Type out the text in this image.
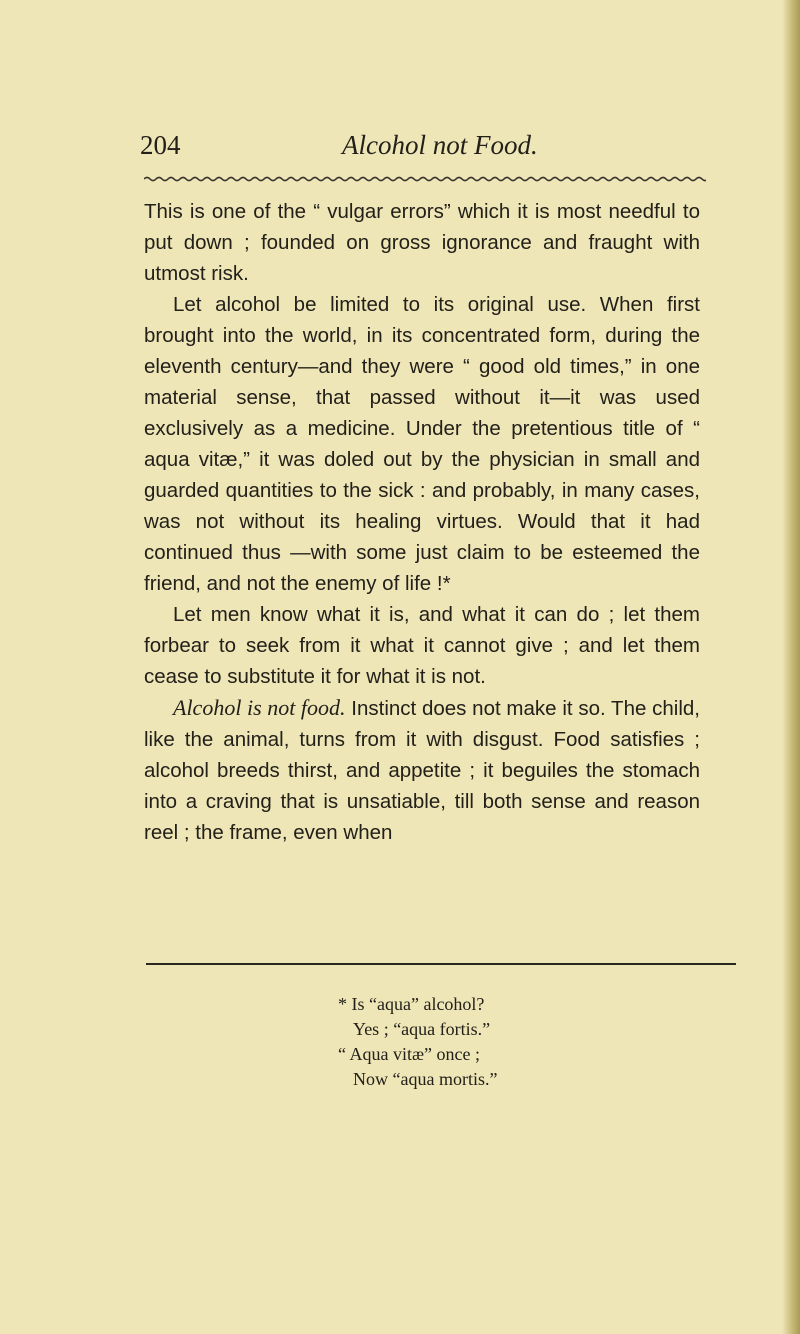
204	Alcohol not Food.

This is one of the “ vulgar errors” which it is most needful to put down ; founded on gross ignorance and fraught with utmost risk.

Let alcohol be limited to its original use. When first brought into the world, in its concentrated form, during the eleventh century—and they were “ good old times,” in one material sense, that passed without it—it was used exclusively as a medicine. Under the pretentious title of “ aqua vitæ,” it was doled out by the physician in small and guarded quantities to the sick : and probably, in many cases, was not without its healing virtues. Would that it had continued thus —with some just claim to be esteemed the friend, and not the enemy of life !*

Let men know what it is, and what it can do ; let them forbear to seek from it what it cannot give ; and let them cease to substitute it for what it is not.

Alcohol is not food. Instinct does not make it so. The child, like the animal, turns from it with disgust. Food satisfies ; alcohol breeds thirst, and appetite ; it beguiles the stomach into a craving that is unsatiable, till both sense and reason reel ; the frame, even when

* Is “aqua” alcohol?
Yes ; “aqua fortis.”
“ Aqua vitæ” once ;
Now “aqua mortis.”
